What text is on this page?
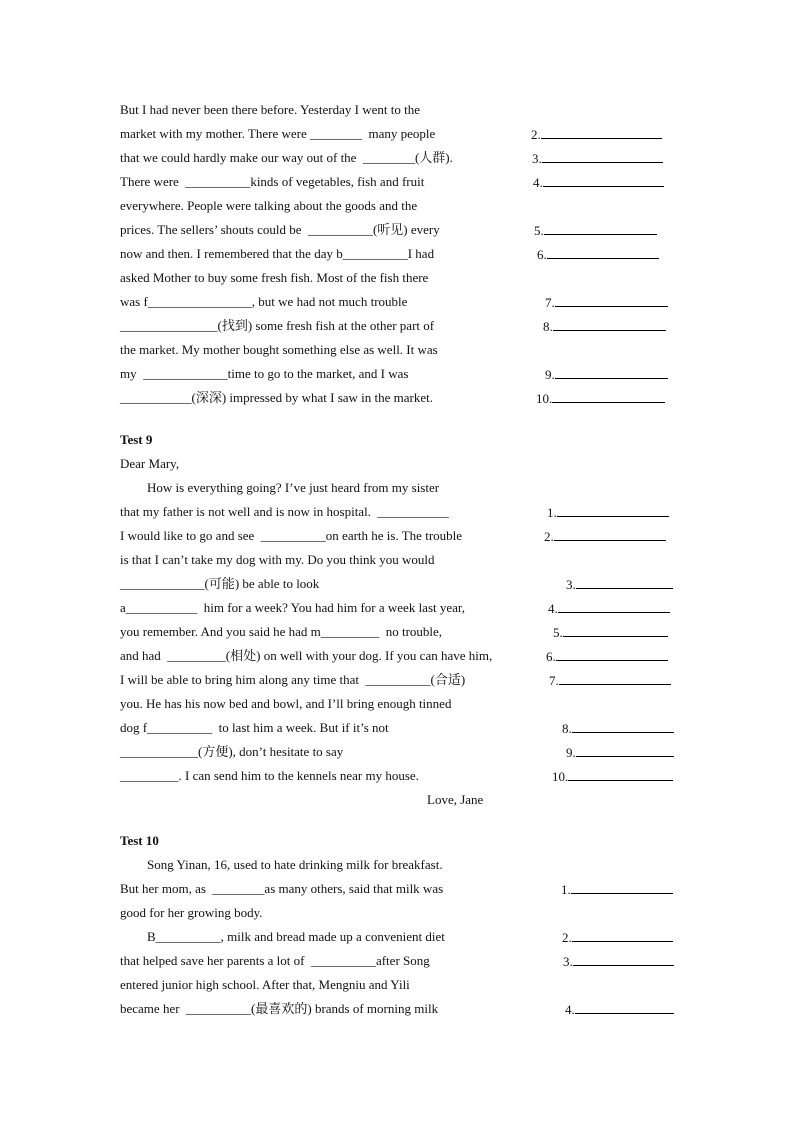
But I had never been there before. Yesterday I went to the
market with my mother. There were ________  many people	2.
that we could hardly make our way out of the  ________(人群).	3.
There were  __________kinds of vegetables, fish and fruit	4.
everywhere. People were talking about the goods and the
prices. The sellers’ shouts could be  __________(听见) every	5.
now and then. I remembered that the day b__________I had	6.
asked Mother to buy some fresh fish. Most of the fish there
was f________________, but we had not much trouble	7.
_______________(找到) some fresh fish at the other part of	8.
the market. My mother bought something else as well. It was
my  _____________time to go to the market, and I was	9.
___________(深深) impressed by what I saw in the market.	10.
Test 9
Dear Mary,
How is everything going? I’ve just heard from my sister
that my father is not well and is now in hospital.  ___________	1.
I would like to go and see  __________on earth he is. The trouble	2.
is that I can’t take my dog with my. Do you think you would
_____________(可能) be able to look	3.
a___________  him for a week? You had him for a week last year,	4.
you remember. And you said he had m_________  no trouble,	5.
and had  _________(相处) on well with your dog. If you can have him,	6.
I will be able to bring him along any time that  __________(合适)	7.
you. He has his now bed and bowl, and I’ll bring enough tinned
dog f__________  to last him a week. But if it’s not	8.
____________(方便), don’t hesitate to say	9.
_________. I can send him to the kennels near my house.	10.
Love, Jane
Test 10
Song Yinan, 16, used to hate drinking milk for breakfast.
But her mom, as  ________as many others, said that milk was	1.
good for her growing body.
B__________, milk and bread made up a convenient diet	2.
that helped save her parents a lot of  __________after Song	3.
entered junior high school. After that, Mengniu and Yili
became her  __________(最喜欢的) brands of morning milk	4.
